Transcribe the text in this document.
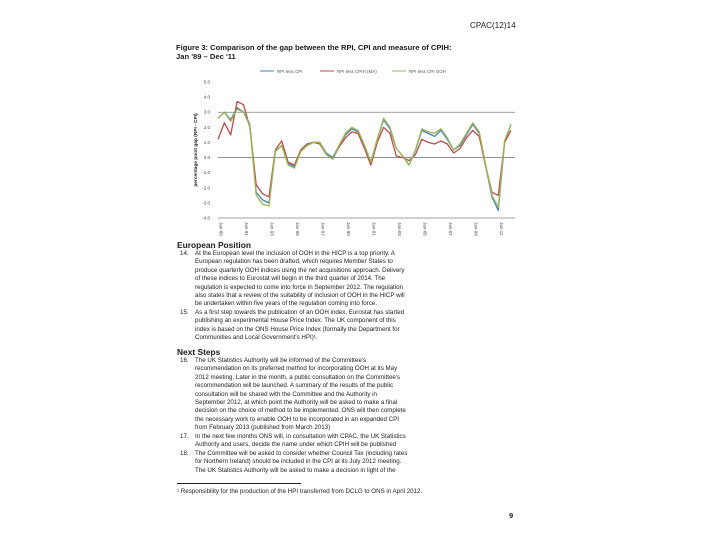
CPAC(12)14
Figure 3: Comparison of the gap between the RPI, CPI and measure of CPIH:
Jan '89 – Dec '11
RPI less CPI	RPI less CPIH (MA)	RPI less CPI OOH
5.0
4.0
3.0
2.0
1.0
0.0
-1.0
-2.0
-3.0
-4.0
percentage point gap (RPI - CPI)
Jan-89	Jan-91	Jan-93	Jan-95	Jan-97	Jan-99	Jan-01	Jan-03	Jan-05	Jan-07	Jan-09	Jan-11
European Position
14.	At the European level the inclusion of OOH in the HICP is a top priority. A
European regulation has been drafted, which requires Member States to
produce quarterly OOH indices using the net acquisitions approach. Delivery
of these indices to Eurostat will begin in the third quarter of 2014. The
regulation is expected to come into force in September 2012. The regulation
also states that a review of the suitability of inclusion of OOH in the HICP will
be undertaken within five years of the regulation coming into force.
15.	As a first step towards the publication of an OOH index, Eurostat has started
publishing an experimental House Price Index. The UK component of this
index is based on the ONS House Price Index (formally the Department for
Communities and Local Government's HPI)¹.
Next Steps
16.	The UK Statistics Authority will be informed of the Committee's
recommendation on its preferred method for incorporating OOH at its May
2012 meeting. Later in the month, a public consultation on the Committee's
recommendation will be launched. A summary of the results of the public
consultation will be shared with the Committee and the Authority in
September 2012, at which point the Authority will be asked to make a final
decision on the choice of method to be implemented. ONS will then complete
the necessary work to enable OOH to be incorporated in an expanded CPI
from February 2013 (published from March 2013)
17.	In the next few months ONS will, in consultation with CPAC, the UK Statistics
Authority and users, decide the name under which CPIH will be published
18.	The Committee will be asked to consider whether Council Tax (including rates
for Northern Ireland) should be included in the CPI at its July 2012 meeting.
The UK Statistics Authority will be asked to make a decision in light of the
¹ Responsibility for the production of the HPI transferred from DCLG to ONS in April 2012.
9
